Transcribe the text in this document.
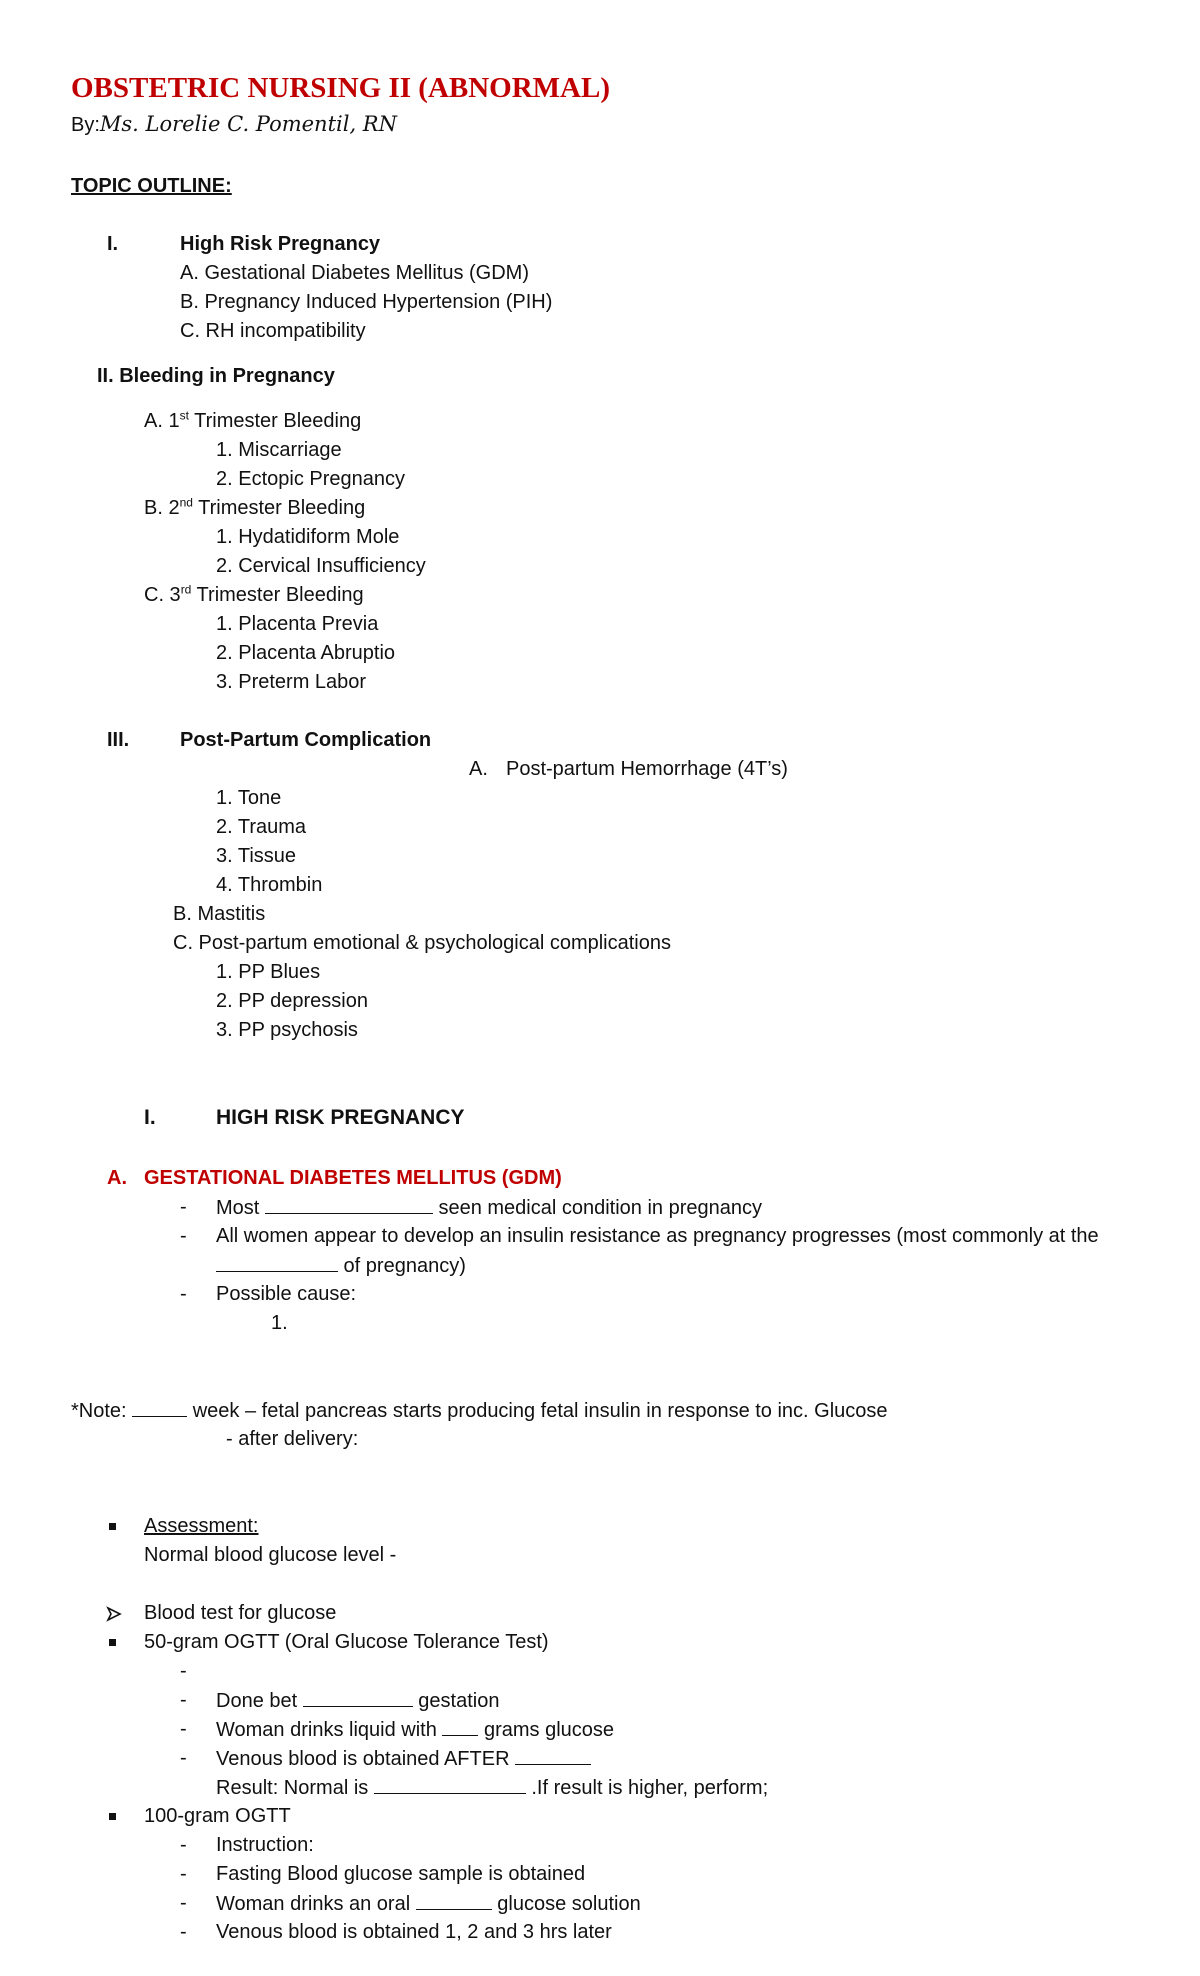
OBSTETRIC NURSING II (ABNORMAL)
By:Ms. Lorelie C. Pomentil, RN
TOPIC OUTLINE:
I.	High Risk Pregnancy
A. Gestational Diabetes Mellitus (GDM)
B. Pregnancy Induced Hypertension (PIH)
C. RH incompatibility
II. Bleeding in Pregnancy
A. 1st Trimester Bleeding
1. Miscarriage
2. Ectopic Pregnancy
B. 2nd Trimester Bleeding
1. Hydatidiform Mole
2. Cervical Insufficiency
C. 3rd Trimester Bleeding
1. Placenta Previa
2. Placenta Abruptio
3. Preterm Labor
III.	Post-Partum Complication
A. Post-partum Hemorrhage (4T’s)
1. Tone
2. Trauma
3. Tissue
4. Thrombin
B. Mastitis
C. Post-partum emotional & psychological complications
1. PP Blues
2. PP depression
3. PP psychosis
I.	HIGH RISK PREGNANCY
A. GESTATIONAL DIABETES MELLITUS (GDM)
- Most	seen medical condition in pregnancy
- All women appear to develop an insulin resistance as pregnancy progresses (most commonly at the
of pregnancy)
- Possible cause:
1.
*Note:	week – fetal pancreas starts producing fetal insulin in response to inc. Glucose
- after delivery:
Assessment:
Normal blood glucose level -
Blood test for glucose
50-gram OGTT (Oral Glucose Tolerance Test)
-
- Done bet	gestation
- Woman drinks liquid with  grams glucose
- Venous blood is obtained AFTER
Result: Normal is	.If result is higher, perform;
100-gram OGTT
- Instruction:
- Fasting Blood glucose sample is obtained
- Woman drinks an oral	glucose solution
- Venous blood is obtained 1, 2 and 3 hrs later
